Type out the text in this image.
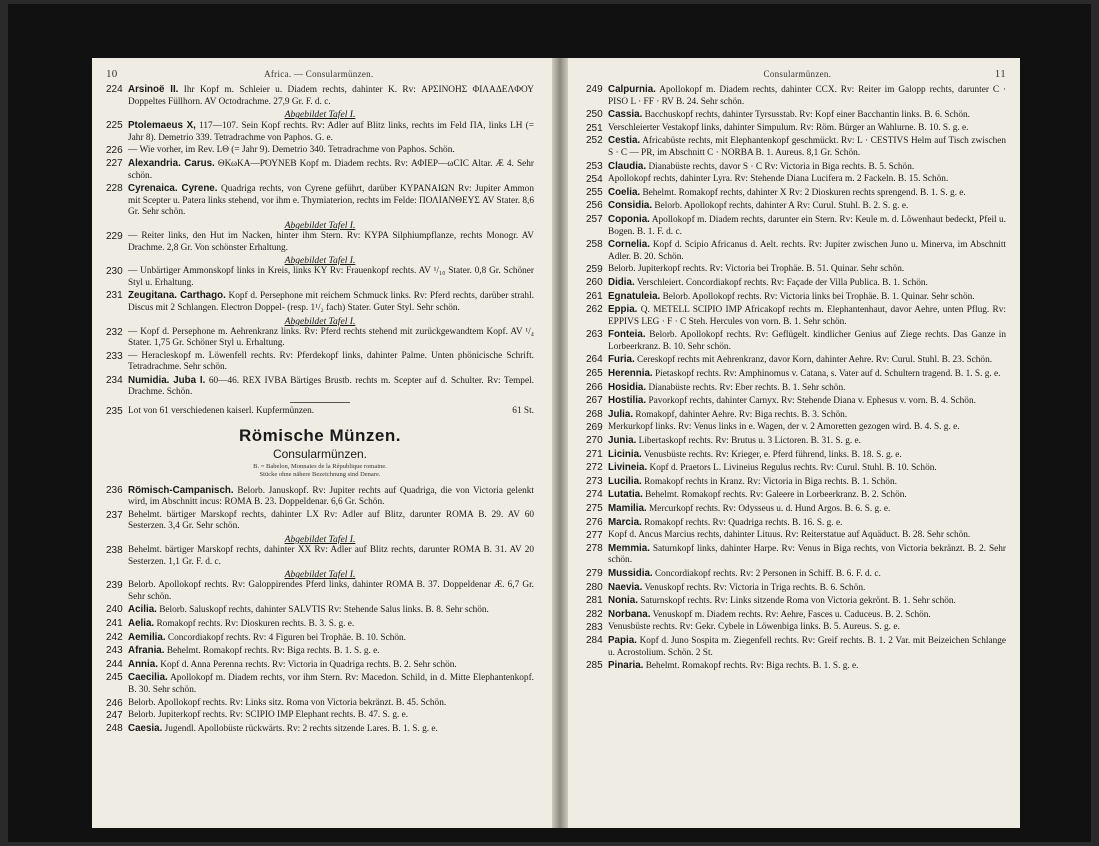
10	Africa. — Consularmünzen.
224 Arsinoë II. Ihr Kopf m. Schleier u. Diadem rechts, dahinter K. Rv: ΑΡΣΙΝΟΗΣ ΦΙΛΑΔΕΛΦΟΥ Doppeltes Füllhorn. AV Octodrachme. 27,9 Gr. F. d. c.
Abgebildet Tafel I.
225 Ptolemaeus X, 117—107. Sein Kopf rechts. Rv: Adler auf Blitz links, rechts im Feld ΠΑ, links LΗ (= Jahr 8). Demetrio 339. Tetradrachme von Paphos. G. e.
226 — Wie vorher, im Rev. LΘ (= Jahr 9). Demetrio 340. Tetradrachme von Paphos. Schön.
227 Alexandria. Carus. ΘΚωΚΑ—Ρ̄ΟΥΝΕΒ Kopf m. Diadem rechts. Rv: ΑΦΙΕΡ—ωCIC Altar. Æ 4. Sehr schön.
228 Cyrenaica. Cyrene. Quadriga rechts, von Cyrene geführt, darüber ΚΥΡΑΝΑΙΩΝ Rv: Jupiter Ammon mit Scepter u. Patera links stehend, vor ihm e. Thymiaterion, rechts im Felde: ΠΟΛΙΑΝΘΕΥΣ AV Stater. 8,6 Gr. Sehr schön.
Abgebildet Tafel I.
229 — Reiter links, den Hut im Nacken, hinter ihm Stern. Rv: ΚΥΡΑ Silphiumpflanze, rechts Monogr. AV Drachme. 2,8 Gr. Von schönster Erhaltung.
Abgebildet Tafel I.
230 — Unbärtiger Ammonskopf links in Kreis, links ΚΥ Rv: Frauenkopf rechts. AV ¹/₁₀ Stater. 0,8 Gr. Schöner Styl u. Erhaltung.
231 Zeugitana. Carthago. Kopf d. Persephone mit reichem Schmuck links. Rv: Pferd rechts, darüber strahl. Discus mit 2 Schlangen. Electron Doppel- (resp. 1¹/₂ fach) Stater. Guter Styl. Sehr schön.
Abgebildet Tafel I.
232 — Kopf d. Persephone m. Aehrenkranz links. Rv: Pferd rechts stehend mit zurückgewandtem Kopf. AV ¹/₄ Stater. 1,75 Gr. Schöner Styl u. Erhaltung.
233 — Heracleskopf m. Löwenfell rechts. Rv: Pferdekopf links, dahinter Palme. Unten phönicische Schrift. Tetradrachme. Sehr schön.
234 Numidia. Juba I. 60—46. REX IVBA Bärtiges Brustb. rechts m. Scepter auf d. Schulter. Rv: Tempel. Drachme. Schön.
235 Lot von 61 verschiedenen kaiserl. Kupfermünzen.	61 St.
Römische Münzen.
Consularmünzen.
B. = Babelon, Monnaies de la République romaine.
Stücke ohne nähere Bezeichnung sind Denare.
236 Römisch-Campanisch. Belorb. Januskopf. Rv: Jupiter rechts auf Quadriga, die von Victoria gelenkt wird, im Abschnitt incus: ROMA B. 23. Doppeldenar. 6,6 Gr. Schön.
237 Behelmt. bärtiger Marskopf rechts, dahinter LX Rv: Adler auf Blitz, darunter ROMA B. 29. AV 60 Sesterzen. 3,4 Gr. Sehr schön.
Abgebildet Tafel I.
238 Behelmt. bärtiger Marskopf rechts, dahinter XX Rv: Adler auf Blitz rechts, darunter ROMA B. 31. AV 20 Sesterzen. 1,1 Gr. F. d. c.
Abgebildet Tafel I.
239 Belorb. Apollokopf rechts. Rv: Galoppirendes Pferd links, dahinter ROMA B. 37. Doppeldenar Æ. 6,7 Gr. Sehr schön.
240 Acilia. Belorb. Saluskopf rechts, dahinter SALVTIS Rv: Stehende Salus links. B. 8. Sehr schön.
241 Aelia. Romakopf rechts. Rv: Dioskuren rechts. B. 3. S. g. e.
242 Aemilia. Concordiakopf rechts. Rv: 4 Figuren bei Trophäe. B. 10. Schön.
243 Afrania. Behelmt. Romakopf rechts. Rv: Biga rechts. B. 1. S. g. e.
244 Annia. Kopf d. Anna Perenna rechts. Rv: Victoria in Quadriga rechts. B. 2. Sehr schön.
245 Caecilia. Apollokopf m. Diadem rechts, vor ihm Stern. Rv: Macedon. Schild, in d. Mitte Elephantenkopf. B. 30. Sehr schön.
246 Belorb. Apollokopf rechts. Rv: Links sitz. Roma von Victoria bekränzt. B. 45. Schön.
247 Belorb. Jupiterkopf rechts. Rv: SCIPIO IMP Elephant rechts. B. 47. S. g. e.
248 Caesia. Jugendl. Apollobüste rückwärts. Rv: 2 rechts sitzende Lares. B. 1. S. g. e.
Consularmünzen.	11
249 Calpurnia. Apollokopf m. Diadem rechts, dahinter CCX. Rv: Reiter im Galopp rechts, darunter C · PISO L · FF · RV B. 24. Sehr schön.
250 Cassia. Bacchuskopf rechts, dahinter Tyrsusstab. Rv: Kopf einer Bacchantin links. B. 6. Schön.
251 Verschleierter Vestakopf links, dahinter Simpulum. Rv: Röm. Bürger an Wahlurne. B. 10. S. g. e.
252 Cestia. Africabüste rechts, mit Elephantenkopf geschmückt. Rv: L · CESTIVS Helm auf Tisch zwischen S · C — PR, im Abschnitt C · NORBA B. 1. Aureus. 8,1 Gr. Schön.
253 Claudia. Dianabüste rechts, davor S · C Rv: Victoria in Biga rechts. B. 5. Schön.
254 Apollokopf rechts, dahinter Lyra. Rv: Stehende Diana Lucifera m. 2 Fackeln. B. 15. Schön.
255 Coelia. Behelmt. Romakopf rechts, dahinter X Rv: 2 Dioskuren rechts sprengend. B. 1. S. g. e.
256 Considia. Belorb. Apollokopf rechts, dahinter A Rv: Curul. Stuhl. B. 2. S. g. e.
257 Coponia. Apollokopf m. Diadem rechts, darunter ein Stern. Rv: Keule m. d. Löwenhaut bedeckt, Pfeil u. Bogen. B. 1. F. d. c.
258 Cornelia. Kopf d. Scipio Africanus d. Aelt. rechts. Rv: Jupiter zwischen Juno u. Minerva, im Abschnitt Adler. B. 20. Schön.
259 Belorb. Jupiterkopf rechts. Rv: Victoria bei Trophäe. B. 51. Quinar. Sehr schön.
260 Didia. Verschleiert. Concordiakopf rechts. Rv: Façade der Villa Publica. B. 1. Schön.
261 Egnatuleia. Belorb. Apollokopf rechts. Rv: Victoria links bei Trophäe. B. 1. Quinar. Sehr schön.
262 Eppia. Q. METELL SCIPIO IMP Africakopf rechts m. Elephantenhaut, davor Aehre, unten Pflug. Rv: EPPIVS LEG · F · C Steh. Hercules von vorn. B. 1. Sehr schön.
263 Fonteia. Belorb. Apollokopf rechts. Rv: Geflügelt. kindlicher Genius auf Ziege rechts. Das Ganze in Lorbeerkranz. B. 10. Sehr schön.
264 Furia. Cereskopf rechts mit Aehrenkranz, davor Korn, dahinter Aehre. Rv: Curul. Stuhl. B. 23. Schön.
265 Herennia. Pietaskopf rechts. Rv: Amphinomus v. Catana, s. Vater auf d. Schultern tragend. B. 1. S. g. e.
266 Hosidia. Dianabüste rechts. Rv: Eber rechts. B. 1. Sehr schön.
267 Hostilia. Pavorkopf rechts, dahinter Carnyx. Rv: Stehende Diana v. Ephesus v. vorn. B. 4. Schön.
268 Julia. Romakopf, dahinter Aehre. Rv: Biga rechts. B. 3. Schön.
269 Merkurkopf links. Rv: Venus links in e. Wagen, der v. 2 Amoretten gezogen wird. B. 4. S. g. e.
270 Junia. Libertaskopf rechts. Rv: Brutus u. 3 Lictoren. B. 31. S. g. e.
271 Licinia. Venusbüste rechts. Rv: Krieger, e. Pferd führend, links. B. 18. S. g. e.
272 Livineia. Kopf d. Praetors L. Livineius Regulus rechts. Rv: Curul. Stuhl. B. 10. Schön.
273 Lucilia. Romakopf rechts in Kranz. Rv: Victoria in Biga rechts. B. 1. Schön.
274 Lutatia. Behelmt. Romakopf rechts. Rv: Galeere in Lorbeerkranz. B. 2. Schön.
275 Mamilia. Mercurkopf rechts. Rv: Odysseus u. d. Hund Argos. B. 6. S. g. e.
276 Marcia. Romakopf rechts. Rv: Quadriga rechts. B. 16. S. g. e.
277 Kopf d. Ancus Marcius rechts, dahinter Lituus. Rv: Reiterstatue auf Aquäduct. B. 28. Sehr schön.
278 Memmia. Saturnkopf links, dahinter Harpe. Rv: Venus in Biga rechts, von Victoria bekränzt. B. 2. Sehr schön.
279 Mussidia. Concordiakopf rechts. Rv: 2 Personen in Schiff. B. 6. F. d. c.
280 Naevia. Venuskopf rechts. Rv: Victoria in Triga rechts. B. 6. Schön.
281 Nonia. Saturnskopf rechts. Rv: Links sitzende Roma von Victoria gekrönt. B. 1. Sehr schön.
282 Norbana. Venuskopf m. Diadem rechts. Rv: Aehre, Fasces u. Caduceus. B. 2. Schön.
283 Venusbüste rechts. Rv: Gekr. Cybele in Löwenbiga links. B. 5. Aureus. S. g. e.
284 Papia. Kopf d. Juno Sospita m. Ziegenfell rechts. Rv: Greif rechts. B. 1. 2 Var. mit Beizeichen Schlange u. Acrostolium. Schön. 2 St.
285 Pinaria. Behelmt. Romakopf rechts. Rv: Biga rechts. B. 1. S. g. e.
